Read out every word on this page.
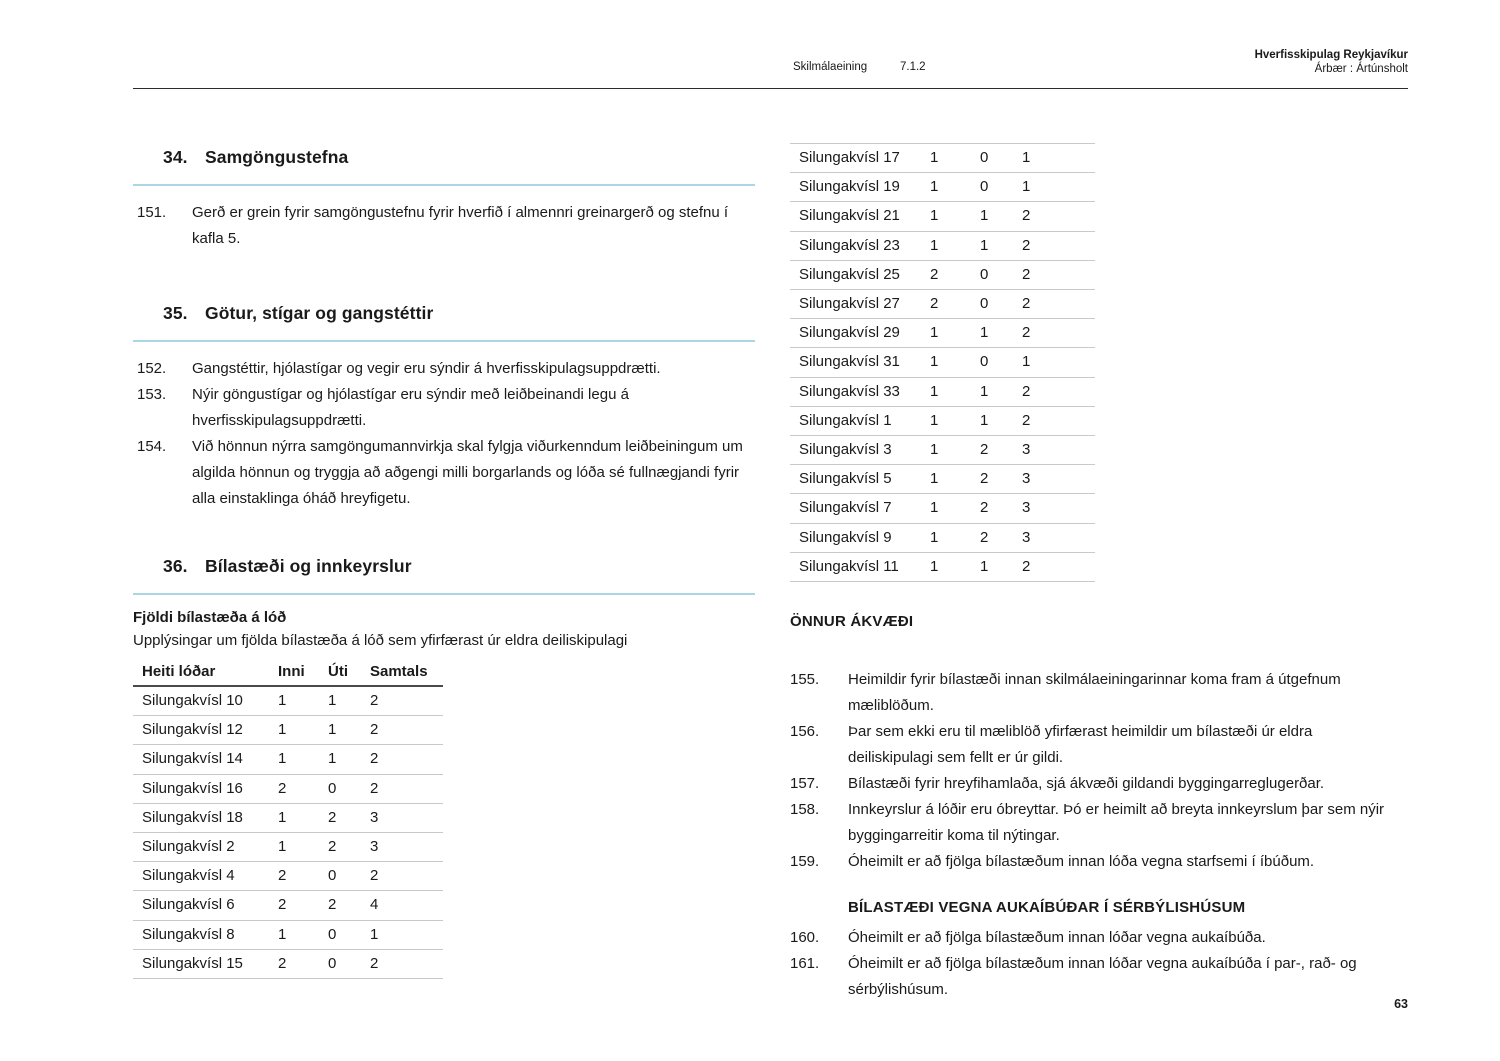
Skilmálaeining	7.1.2
Hverfisskipulag Reykjavíkur
Árbær : Ártúnsholt
34. Samgöngustefna
151.	Gerð er grein fyrir samgöngustefnu fyrir hverfið í almennri greinargerð og stefnu í kafla 5.
35. Götur, stígar og gangstéttir
152.	Gangstéttir, hjólastígar og vegir eru sýndir á hverfisskipulagsuppdrætti.
153.	Nýir göngustígar og hjólastígar eru sýndir með leiðbeinandi legu á hverfisskipulagsuppdrætti.
154.	Við hönnun nýrra samgöngumannvirkja skal fylgja viðurkenndum leiðbeiningum um algilda hönnun og tryggja að aðgengi milli borgarlands og lóða sé fullnægjandi fyrir alla einstaklinga óháð hreyfigetu.
36. Bílastæði og innkeyrslur
Fjöldi bílastæða á lóð
Upplýsingar um fjölda bílastæða á lóð sem yfirfærast úr eldra deiliskipulagi
Heiti lóðar	Inni	Úti	Samtals
Silungakvísl 10	1	1	2
Silungakvísl 12	1	1	2
Silungakvísl 14	1	1	2
Silungakvísl 16	2	0	2
Silungakvísl 18	1	2	3
Silungakvísl 2	1	2	3
Silungakvísl 4	2	0	2
Silungakvísl 6	2	2	4
Silungakvísl 8	1	0	1
Silungakvísl 15	2	0	2
Silungakvísl 17	1	0	1
Silungakvísl 19	1	0	1
Silungakvísl 21	1	1	2
Silungakvísl 23	1	1	2
Silungakvísl 25	2	0	2
Silungakvísl 27	2	0	2
Silungakvísl 29	1	1	2
Silungakvísl 31	1	0	1
Silungakvísl 33	1	1	2
Silungakvísl 1	1	1	2
Silungakvísl 3	1	2	3
Silungakvísl 5	1	2	3
Silungakvísl 7	1	2	3
Silungakvísl 9	1	2	3
Silungakvísl 11	1	1	2
ÖNNUR ÁKVÆÐI
155.	Heimildir fyrir bílastæði innan skilmálaeiningarinnar koma fram á útgefnum mæliblöðum.
156.	Þar sem ekki eru til mæliblöð yfirfærast heimildir um bílastæði úr eldra deiliskipulagi sem fellt er úr gildi.
157.	Bílastæði fyrir hreyfihamlaða, sjá ákvæði gildandi byggingarreglugerðar.
158.	Innkeyrslur á lóðir eru óbreyttar. Þó er heimilt að breyta innkeyrslum þar sem nýir byggingarreitir koma til nýtingar.
159.	Óheimilt er að fjölga bílastæðum innan lóða vegna starfsemi í íbúðum.
BÍLASTÆÐI VEGNA AUKAÍBÚÐAR Í SÉRBÝLISHÚSUM
160.	Óheimilt er að fjölga bílastæðum innan lóðar vegna aukaíbúða.
161.	Óheimilt er að fjölga bílastæðum innan lóðar vegna aukaíbúða í par-, rað- og sérbýlishúsum.
63
